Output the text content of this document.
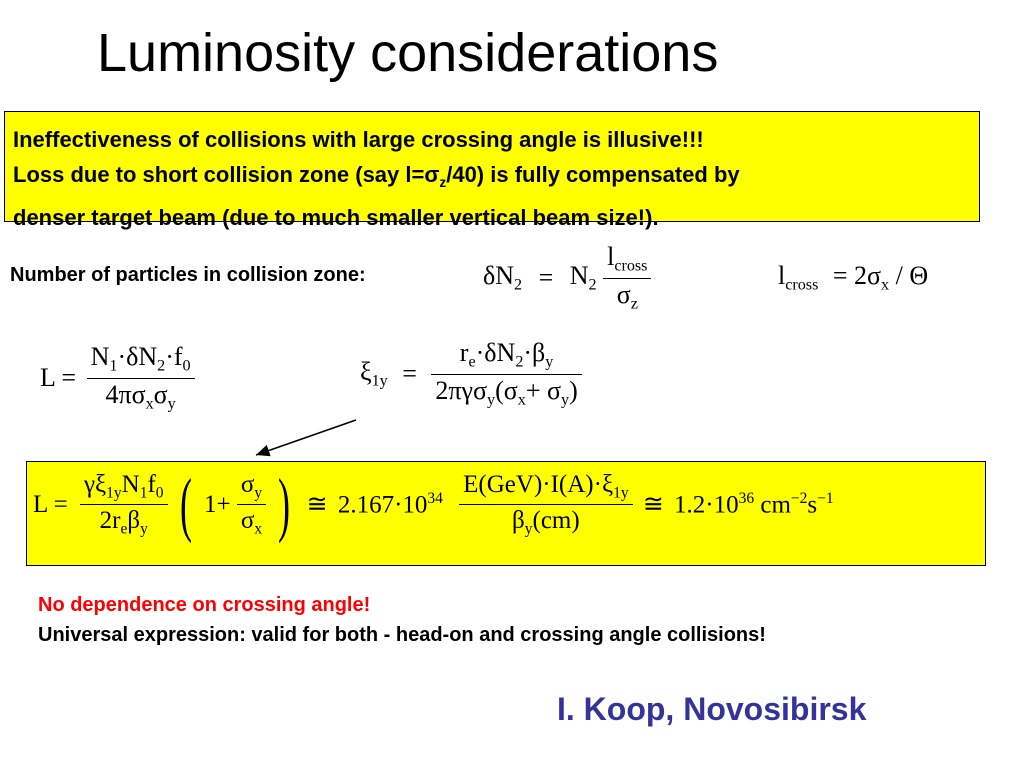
Luminosity considerations
Ineffectiveness of collisions with large crossing angle is illusive!!!
Loss due to short collision zone (say $l=\sigma_z/40$) is fully compensated by
denser target beam (due to much smaller vertical beam size!).
Number of particles in collision zone:	$\delta N_2 = N_2 \frac{l_{cross}}{\sigma_z}$	$l_{cross} = 2\sigma_x / \Theta$
$L = \frac{N_1\cdot\delta N_2\cdot f_0}{4\pi\sigma_x\sigma_y}$	$\xi_{1y} = \frac{r_e\cdot\delta N_2\cdot\beta_y}{2\pi\gamma\sigma_y(\sigma_x+ \sigma_y)}$
$L = \frac{\gamma\xi_{1y}N_1f_0}{2r_e\beta_y}$ ( $1+ \frac{\sigma_y}{\sigma_x}$ ) ≅ $2.167\cdot 10^{34} \frac{E(GeV)\cdot I(A)\cdot\xi_{1y}}{\beta_y(cm)}$ ≅ $1.2\cdot 10^{36}$ $cm^{-2}s^{-1}$
No dependence on crossing angle!
Universal expression: valid for both - head-on and crossing angle collisions!
I. Koop, Novosibirsk
